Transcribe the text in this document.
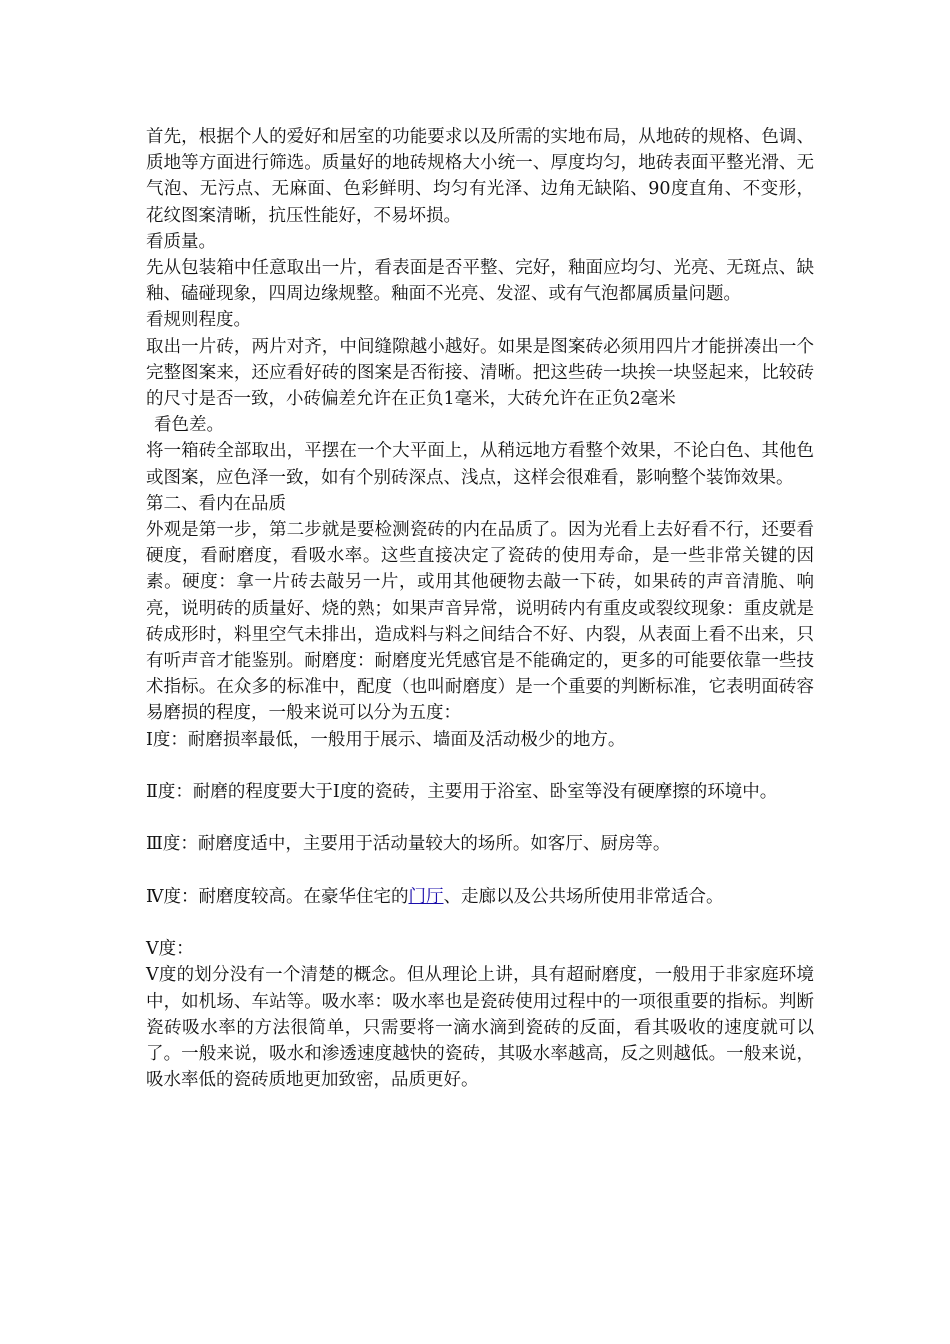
首先，根据个人的爱好和居室的功能要求以及所需的实地布局，从地砖的规格、色调、质地等方面进行筛选。质量好的地砖规格大小统一、厚度均匀，地砖表面平整光滑、无气泡、无污点、无麻面、色彩鲜明、均匀有光泽、边角无缺陷、90度直角、不变形，花纹图案清晰，抗压性能好，不易坏损。

看质量。

先从包装箱中任意取出一片，看表面是否平整、完好，釉面应均匀、光亮、无斑点、缺釉、磕碰现象，四周边缘规整。釉面不光亮、发涩、或有气泡都属质量问题。

看规则程度。

取出一片砖，两片对齐，中间缝隙越小越好。如果是图案砖必须用四片才能拼凑出一个完整图案来，还应看好砖的图案是否衔接、清晰。把这些砖一块挨一块竖起来，比较砖的尺寸是否一致，小砖偏差允许在正负1毫米，大砖允许在正负2毫米

看色差。

将一箱砖全部取出，平摆在一个大平面上，从稍远地方看整个效果，不论白色、其他色或图案，应色泽一致，如有个别砖深点、浅点，这样会很难看，影响整个装饰效果。

第二、看内在品质

外观是第一步，第二步就是要检测瓷砖的内在品质了。因为光看上去好看不行，还要看硬度，看耐磨度，看吸水率。这些直接决定了瓷砖的使用寿命，是一些非常关键的因素。硬度：拿一片砖去敲另一片，或用其他硬物去敲一下砖，如果砖的声音清脆、响亮，说明砖的质量好、烧的熟；如果声音异常，说明砖内有重皮或裂纹现象：重皮就是砖成形时，料里空气未排出，造成料与料之间结合不好、内裂，从表面上看不出来，只有听声音才能鉴别。耐磨度：耐磨度光凭感官是不能确定的，更多的可能要依靠一些技术指标。在众多的标准中，配度（也叫耐磨度）是一个重要的判断标准，它表明面砖容易磨损的程度，一般来说可以分为五度：

Ⅰ度：耐磨损率最低，一般用于展示、墙面及活动极少的地方。

Ⅱ度：耐磨的程度要大于Ⅰ度的瓷砖，主要用于浴室、卧室等没有硬摩擦的环境中。

Ⅲ度：耐磨度适中，主要用于活动量较大的场所。如客厅、厨房等。

Ⅳ度：耐磨度较高。在豪华住宅的门厅、走廊以及公共场所使用非常适合。

Ⅴ度：

Ⅴ度的划分没有一个清楚的概念。但从理论上讲，具有超耐磨度，一般用于非家庭环境中，如机场、车站等。吸水率：吸水率也是瓷砖使用过程中的一项很重要的指标。判断瓷砖吸水率的方法很简单，只需要将一滴水滴到瓷砖的反面，看其吸收的速度就可以了。一般来说，吸水和渗透速度越快的瓷砖，其吸水率越高，反之则越低。一般来说，吸水率低的瓷砖质地更加致密，品质更好。
